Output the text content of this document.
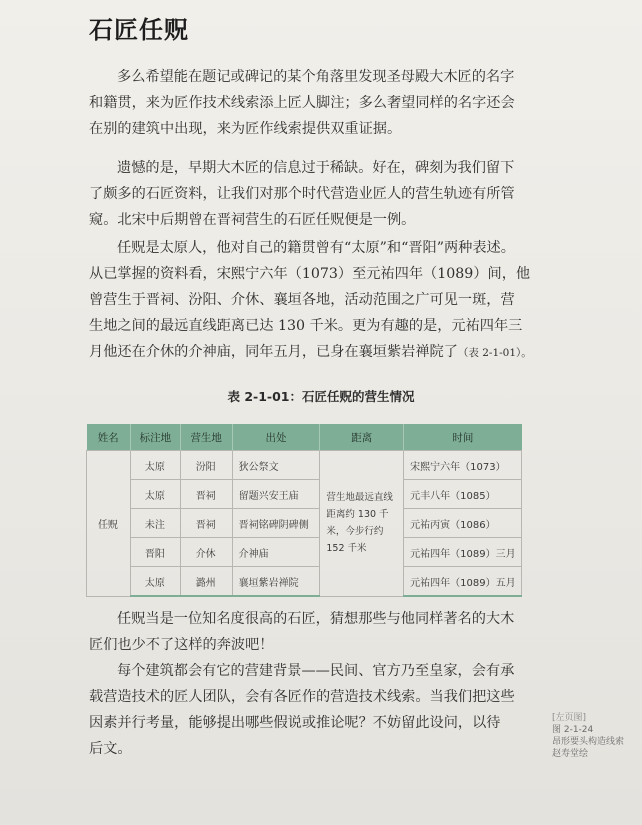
石匠任贶

多么希望能在题记或碑记的某个角落里发现圣母殿大木匠的名字
和籍贯，来为匠作技术线索添上匠人脚注；多么奢望同样的名字还会
在别的建筑中出现，来为匠作线索提供双重证据。

遗憾的是，早期大木匠的信息过于稀缺。好在，碑刻为我们留下
了颇多的石匠资料，让我们对那个时代营造业匠人的营生轨迹有所管
窥。北宋中后期曾在晋祠营生的石匠任贶便是一例。

任贶是太原人，他对自己的籍贯曾有“太原”和“晋阳”两种表述。
从已掌握的资料看，宋熙宁六年（1073）至元祐四年（1089）间，他
曾营生于晋祠、汾阳、介休、襄垣各地，活动范围之广可见一斑，营
生地之间的最远直线距离已达 130 千米。更为有趣的是，元祐四年三
月他还在介休的介神庙，同年五月，已身在襄垣紫岩禅院了（表 2-1-01）。

表 2-1-01：石匠任贶的营生情况
姓名	标注地	营生地	出处	距离	时间
任贶	太原	汾阳	狄公祭文	营生地最远直线距离约 130 千米，今步行约 152 千米	宋熙宁六年（1073）
	太原	晋祠	留题兴安王庙		元丰八年（1085）
	未注	晋祠	晋祠铭碑阴碑侧		元祐丙寅（1086）
	晋阳	介休	介神庙		元祐四年（1089）三月
	太原	潞州	襄垣紫岩禅院		元祐四年（1089）五月

任贶当是一位知名度很高的石匠，猜想那些与他同样著名的大木
匠们也少不了这样的奔波吧！

每个建筑都会有它的营建背景——民间、官方乃至皇家，会有承
载营造技术的匠人团队，会有各匠作的营造技术线索。当我们把这些
因素并行考量，能够提出哪些假说或推论呢？不妨留此设问，以待
后文。

[左页图]
图 2-1-24
昂形要头构造线索
赵寿堂绘
